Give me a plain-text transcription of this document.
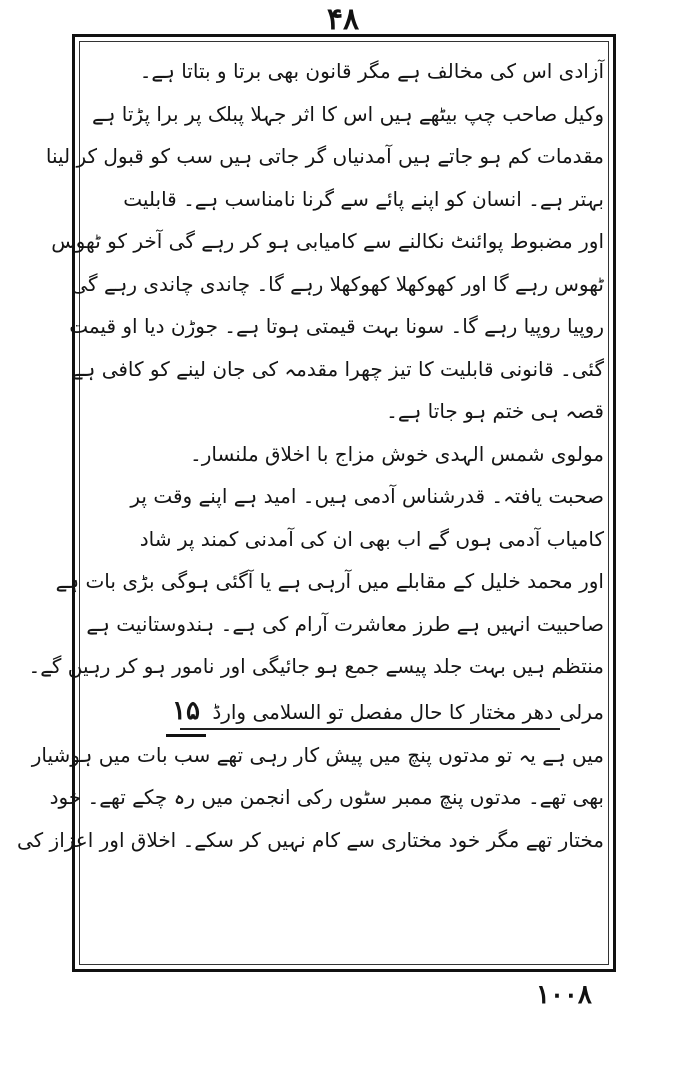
۴۸
آزادی اس کی مخالف ہے مگر قانون بھی برتا و بتاتا ہے۔
وکیل صاحب چپ بیٹھے ہیں اس کا اثر جہلا پبلک پر برا پڑتا ہے
مقدمات کم ہو جاتے ہیں آمدنیاں گر جاتی ہیں سب کو قبول کر لینا
بہتر ہے۔ انسان کو اپنے پائے سے گرنا نامناسب ہے۔ قابلیت
اور مضبوط پوائنٹ نکالنے سے کامیابی ہو کر رہے گی آخر کو ٹھوس
ٹھوس رہے گا اور کھوکھلا کھوکھلا رہے گا۔ چاندی چاندی رہے گی
روپیا روپیا رہے گا۔ سونا بہت قیمتی ہوتا ہے۔ جوڑن دیا او قیمت
گئی۔ قانونی قابلیت کا تیز چھرا مقدمہ کی جان لینے کو کافی ہے
قصہ ہی ختم ہو جاتا ہے۔
مولوی شمس الہدی خوش مزاج با اخلاق ملنسار۔
صحبت یافتہ۔ قدرشناس آدمی ہیں۔ امید ہے اپنے وقت پر
کامیاب آدمی ہوں گے اب بھی ان کی آمدنی کمند پر شاد
اور محمد خلیل کے مقابلے میں آرہی ہے یا آگئی ہوگی بڑی بات ہے
صاحبیت انہیں ہے طرز معاشرت آرام کی ہے۔ ہندوستانیت ہے
منتظم ہیں بہت جلد پیسے جمع ہو جائیگی اور نامور ہو کر رہیں گے۔
مرلی دھر مختار کا حال مفصل تو السلامی وارڈ ۱۵
میں ہے یہ تو مدتوں پنچ میں پیش کار رہی تھے سب بات میں ہوشیار
بھی تھے۔ مدتوں پنچ ممبر سٹوں رکی انجمن میں رہ چکے تھے۔ خود
مختار تھے مگر خود مختاری سے کام نہیں کر سکے۔ اخلاق اور اعزاز کی
۱۰۰۸
